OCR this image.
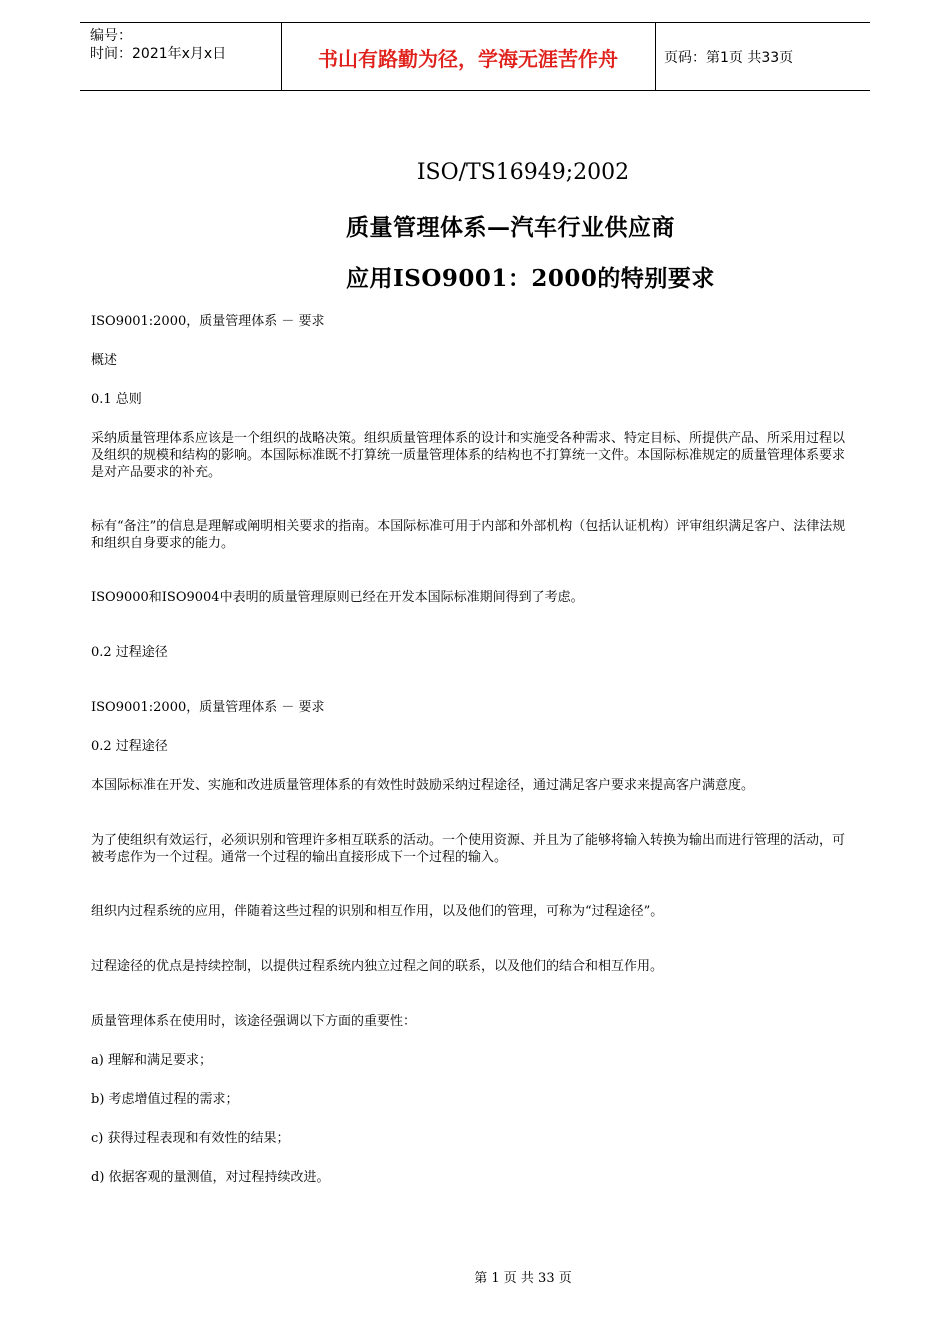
编号：
时间：2021年x月x日	书山有路勤为径，学海无涯苦作舟	页码：第1页 共33页
ISO/TS16949;2002
质量管理体系—汽车行业供应商
应用ISO9001：2000的特别要求
ISO9001:2000，质量管理体系 － 要求
概述
0.1 总则
采纳质量管理体系应该是一个组织的战略决策。组织质量管理体系的设计和实施受各种需求、特定目标、所提供产品、所采用过程以及组织的规模和结构的影响。本国际标准既不打算统一质量管理体系的结构也不打算统一文件。本国际标准规定的质量管理体系要求是对产品要求的补充。
标有“备注”的信息是理解或阐明相关要求的指南。本国际标准可用于内部和外部机构（包括认证机构）评审组织满足客户、法律法规和组织自身要求的能力。
ISO9000和ISO9004中表明的质量管理原则已经在开发本国际标准期间得到了考虑。
0.2 过程途径
ISO9001:2000，质量管理体系 － 要求
0.2 过程途径
本国际标准在开发、实施和改进质量管理体系的有效性时鼓励采纳过程途径，通过满足客户要求来提高客户满意度。
为了使组织有效运行，必须识别和管理许多相互联系的活动。一个使用资源、并且为了能够将输入转换为输出而进行管理的活动，可被考虑作为一个过程。通常一个过程的输出直接形成下一个过程的输入。
组织内过程系统的应用，伴随着这些过程的识别和相互作用，以及他们的管理，可称为“过程途径”。
过程途径的优点是持续控制，以提供过程系统内独立过程之间的联系，以及他们的结合和相互作用。
质量管理体系在使用时，该途径强调以下方面的重要性：
a) 理解和满足要求；
b) 考虑增值过程的需求；
c) 获得过程表现和有效性的结果；
d) 依据客观的量测值，对过程持续改进。
第 1 页 共 33 页
